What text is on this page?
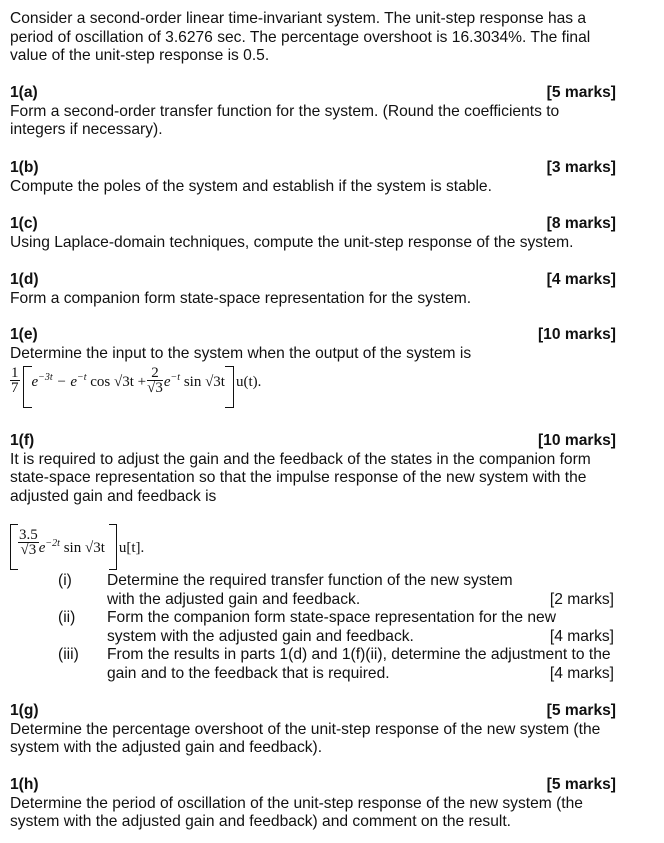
Consider a second-order linear time-invariant system. The unit-step response has a period of oscillation of 3.6276 sec. The percentage overshoot is 16.3034%. The final value of the unit-step response is 0.5.
1(a)	[5 marks]
Form a second-order transfer function for the system. (Round the coefficients to integers if necessary).
1(b)	[3 marks]
Compute the poles of the system and establish if the system is stable.
1(c)	[8 marks]
Using Laplace-domain techniques, compute the unit-step response of the system.
1(d)	[4 marks]
Form a companion form state-space representation for the system.
1(e)	[10 marks]
Determine the input to the system when the output of the system is
$\frac{1}{7} e^{-3t} - e^{-t}$ $\cos √3t + \frac{2}{√3} e^{-t}$ sin √3t u(t).
1(f)	[10 marks]
It is required to adjust the gain and the feedback of the states in the companion form state-space representation so that the impulse response of the new system with the adjusted gain and feedback is
$\frac{3.5}{√3} e^{-2t}$ sin √3t u[t].
(i) Determine the required transfer function of the new system with the adjusted gain and feedback.	[2 marks]
(ii) Form the companion form state-space representation for the new system with the adjusted gain and feedback.	[4 marks]
(iii) From the results in parts 1(d) and 1(f)(ii), determine the adjustment to the gain and to the feedback that is required.	[4 marks]
1(g)	[5 marks]
Determine the percentage overshoot of the unit-step response of the new system (the system with the adjusted gain and feedback).
1(h)	[5 marks]
Determine the period of oscillation of the unit-step response of the new system (the system with the adjusted gain and feedback) and comment on the result.
